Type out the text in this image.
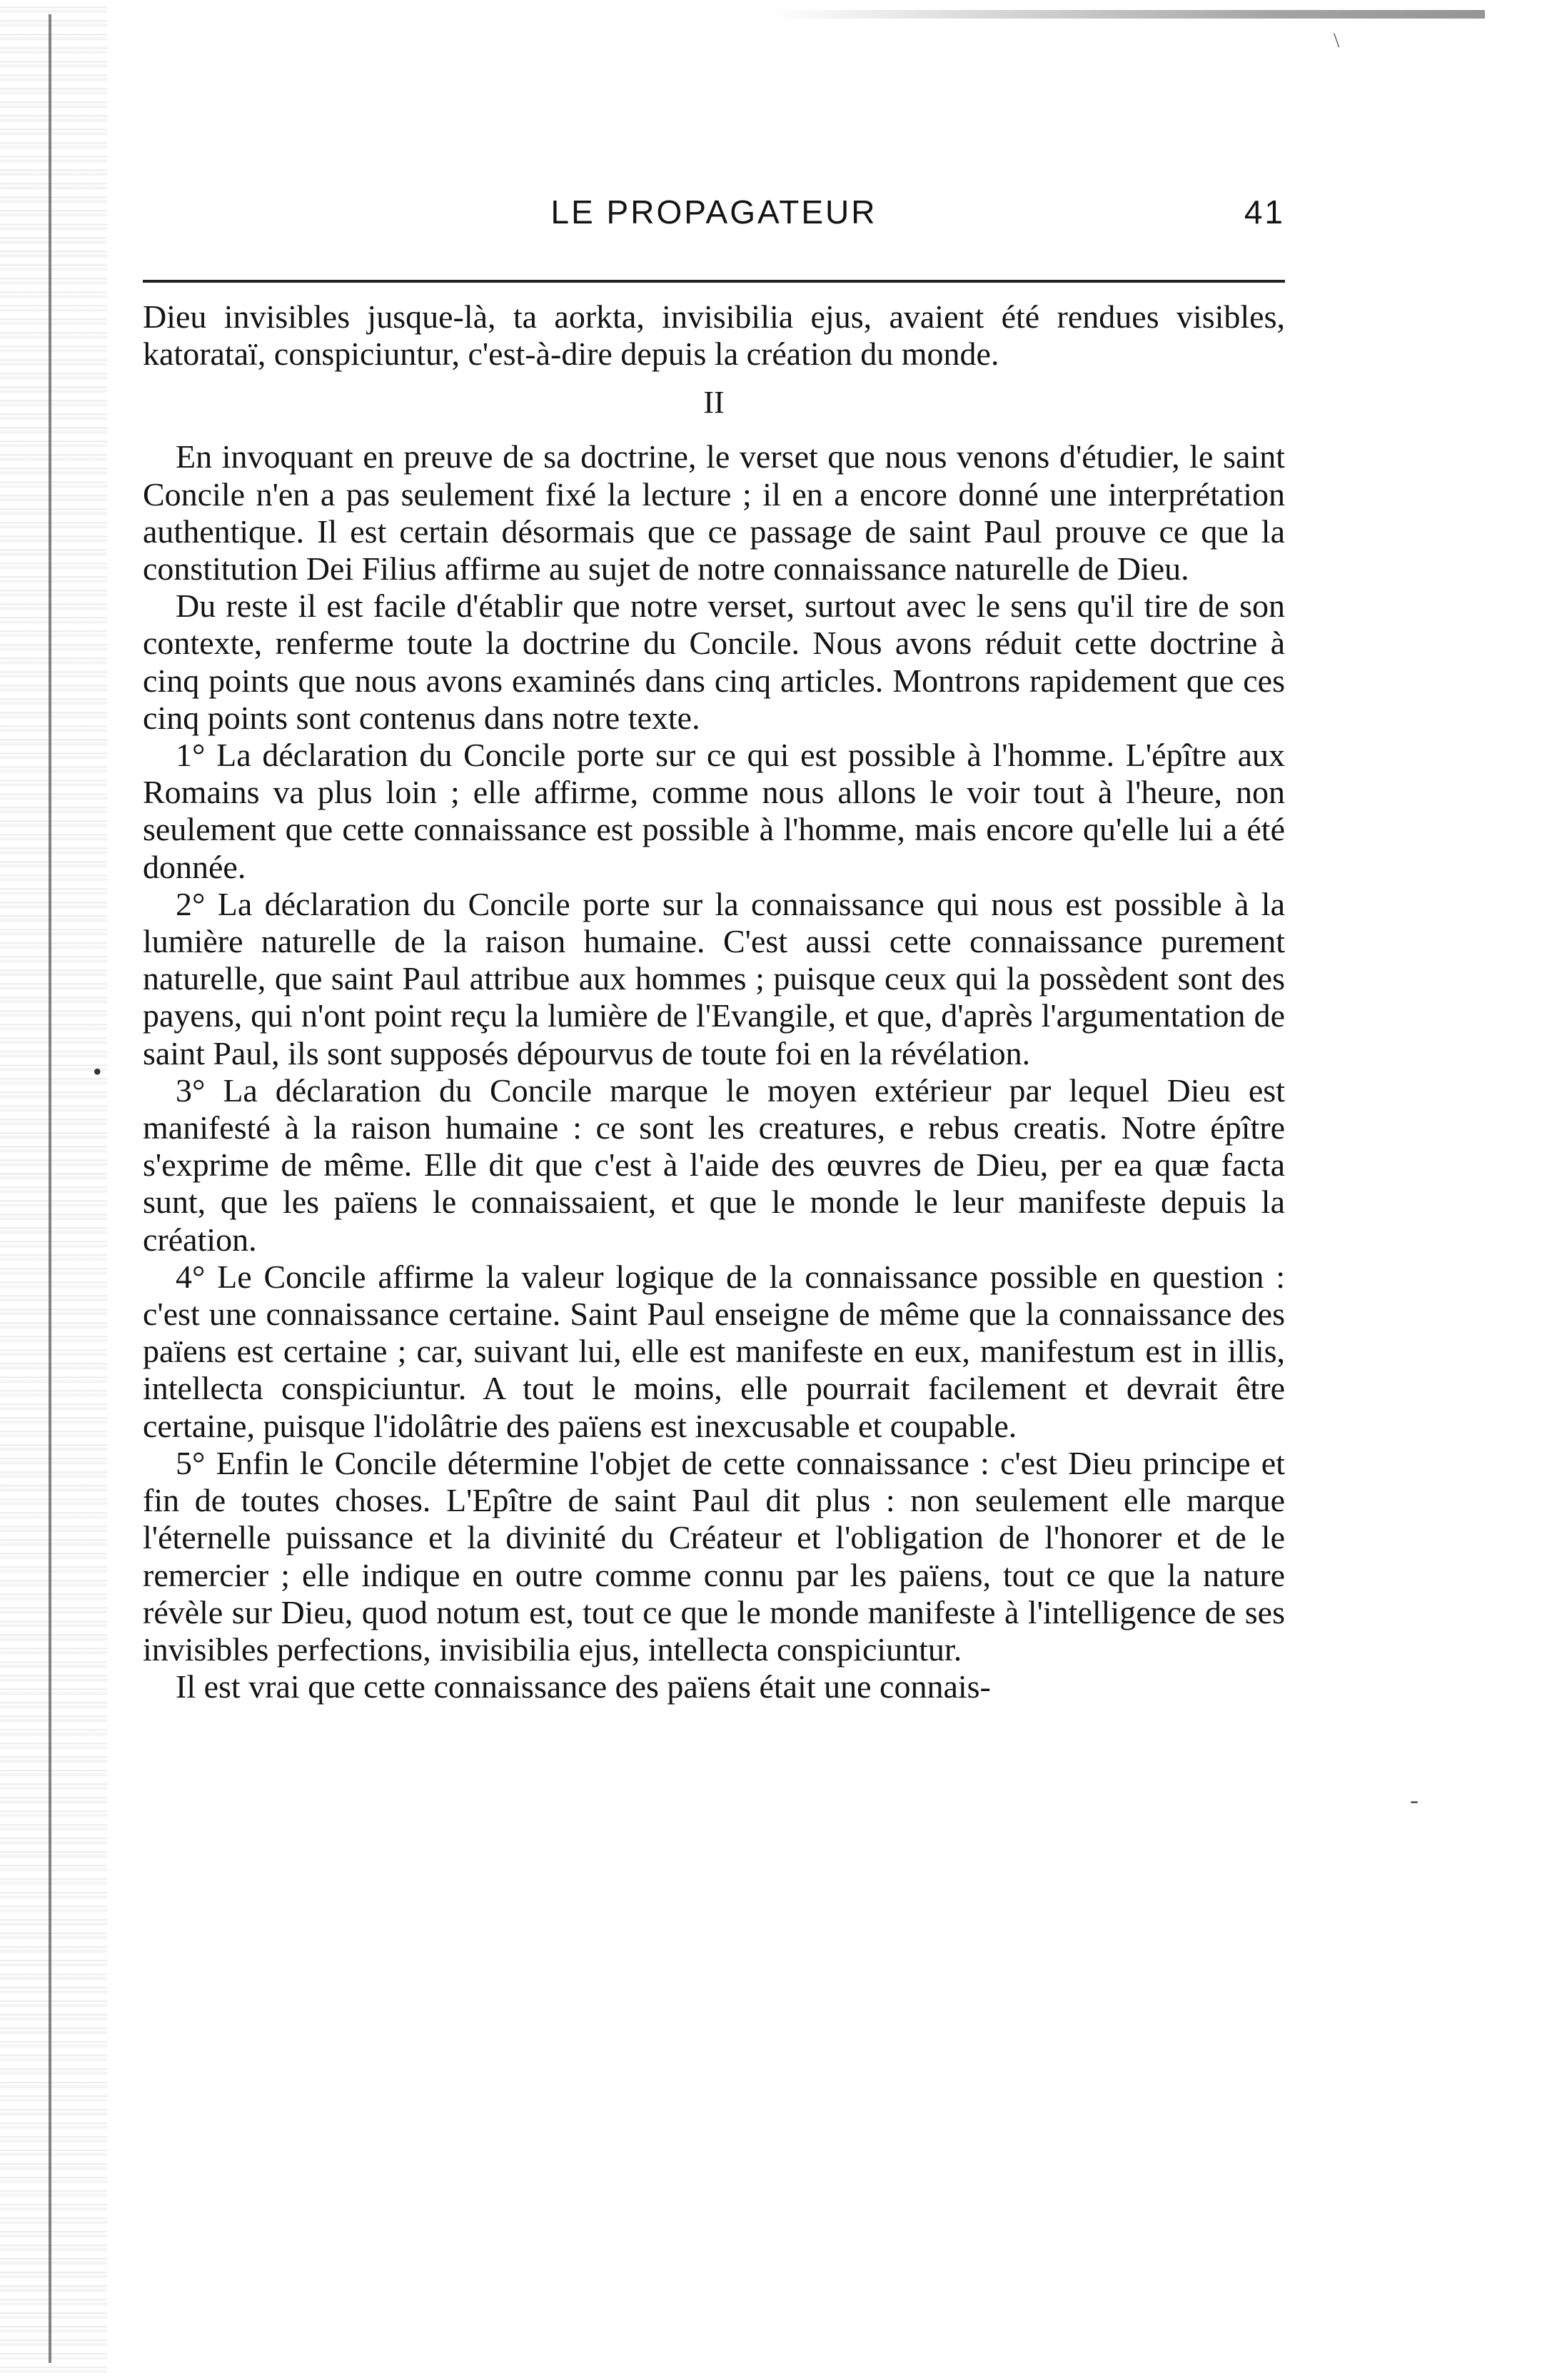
\
•
-
LE PROPAGATEUR	41

Dieu invisibles jusque-là, ta aorkta, invisibilia ejus, avaient été rendues visibles, katorataï, conspiciuntur, c'est-à-dire depuis la création du monde.

II

En invoquant en preuve de sa doctrine, le verset que nous venons d'étudier, le saint Concile n'en a pas seulement fixé la lecture ; il en a encore donné une interprétation authentique. Il est certain désormais que ce passage de saint Paul prouve ce que la constitution Dei Filius affirme au sujet de notre connaissance naturelle de Dieu.

Du reste il est facile d'établir que notre verset, surtout avec le sens qu'il tire de son contexte, renferme toute la doctrine du Concile. Nous avons réduit cette doctrine à cinq points que nous avons examinés dans cinq articles. Montrons rapidement que ces cinq points sont contenus dans notre texte.

1° La déclaration du Concile porte sur ce qui est possible à l'homme. L'épître aux Romains va plus loin ; elle affirme, comme nous allons le voir tout à l'heure, non seulement que cette connaissance est possible à l'homme, mais encore qu'elle lui a été donnée.

2° La déclaration du Concile porte sur la connaissance qui nous est possible à la lumière naturelle de la raison humaine. C'est aussi cette connaissance purement naturelle, que saint Paul attribue aux hommes ; puisque ceux qui la possèdent sont des payens, qui n'ont point reçu la lumière de l'Evangile, et que, d'après l'argumentation de saint Paul, ils sont supposés dépourvus de toute foi en la révélation.

3° La déclaration du Concile marque le moyen extérieur par lequel Dieu est manifesté à la raison humaine : ce sont les creatures, e rebus creatis. Notre épître s'exprime de même. Elle dit que c'est à l'aide des œuvres de Dieu, per ea quæ facta sunt, que les païens le connaissaient, et que le monde le leur manifeste depuis la création.

4° Le Concile affirme la valeur logique de la connaissance possible en question : c'est une connaissance certaine. Saint Paul enseigne de même que la connaissance des païens est certaine ; car, suivant lui, elle est manifeste en eux, manifestum est in illis, intellecta conspiciuntur. A tout le moins, elle pourrait facilement et devrait être certaine, puisque l'idolâtrie des païens est inexcusable et coupable.

5° Enfin le Concile détermine l'objet de cette connaissance : c'est Dieu principe et fin de toutes choses. L'Epître de saint Paul dit plus : non seulement elle marque l'éternelle puissance et la divinité du Créateur et l'obligation de l'honorer et de le remercier ; elle indique en outre comme connu par les païens, tout ce que la nature révèle sur Dieu, quod notum est, tout ce que le monde manifeste à l'intelligence de ses invisibles perfections, invisibilia ejus, intellecta conspiciuntur.

Il est vrai que cette connaissance des païens était une connais-
